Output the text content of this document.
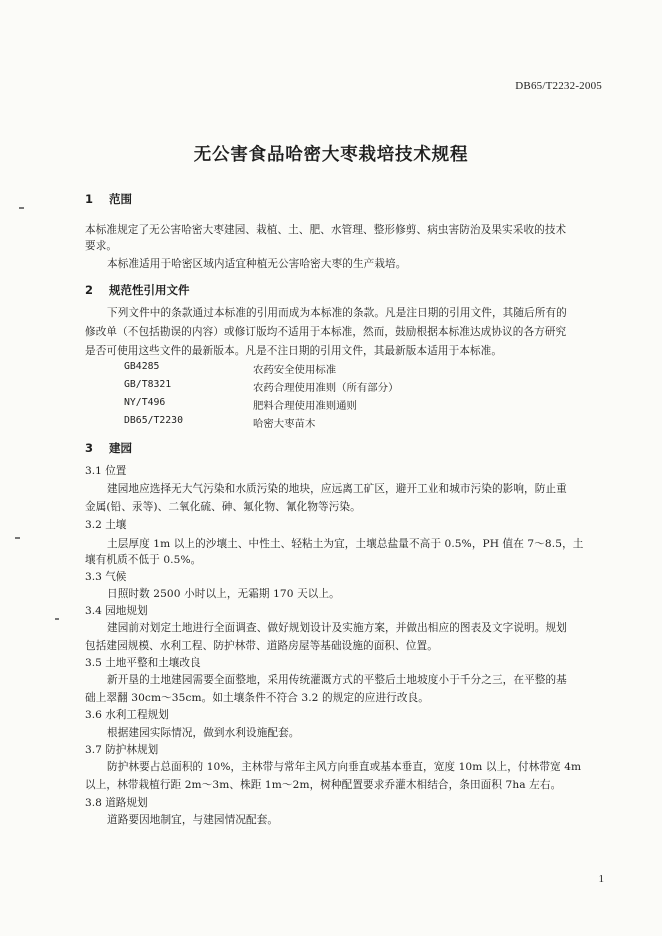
DB65/T2232-2005
无公害食品哈密大枣栽培技术规程
1 范围
本标准规定了无公害哈密大枣建园、栽植、土、肥、水管理、整形修剪、病虫害防治及果实采收的技术
要求。
本标准适用于哈密区域内适宜种植无公害哈密大枣的生产栽培。
2 规范性引用文件
下列文件中的条款通过本标准的引用而成为本标准的条款。凡是注日期的引用文件，其随后所有的
修改单（不包括勘误的内容）或修订版均不适用于本标准，然而，鼓励根据本标准达成协议的各方研究
是否可使用这些文件的最新版本。凡是不注日期的引用文件，其最新版本适用于本标准。
GB4285	农药安全使用标准
GB/T8321	农药合理使用准则（所有部分）
NY/T496	肥料合理使用准则通则
DB65/T2230	哈密大枣苗木
3 建园
3.1 位置
建园地应选择无大气污染和水质污染的地块，应远离工矿区，避开工业和城市污染的影响，防止重
金属(铅、汞等)、二氧化硫、砷、氟化物、氰化物等污染。
3.2 土壤
土层厚度 1m 以上的沙壤土、中性土、轻粘土为宜，土壤总盐量不高于 0.5%，PH 值在 7～8.5，土
壤有机质不低于 0.5%。
3.3 气候
日照时数 2500 小时以上，无霜期 170 天以上。
3.4 园地规划
建园前对划定土地进行全面调查、做好规划设计及实施方案，并做出相应的图表及文字说明。规划
包括建园规模、水利工程、防护林带、道路房屋等基础设施的面积、位置。
3.5 土地平整和土壤改良
新开垦的土地建园需要全面整地，采用传统灌溉方式的平整后土地坡度小于千分之三，在平整的基
础上翠翻 30cm～35cm。如土壤条件不符合 3.2 的规定的应进行改良。
3.6 水利工程规划
根据建园实际情况，做到水利设施配套。
3.7 防护林规划
防护林要占总面积的 10%，主林带与常年主风方向垂直或基本垂直，宽度 10m 以上，付林带宽 4m
以上，林带栽植行距 2m～3m、株距 1m～2m，树种配置要求乔灌木相结合，条田面积 7ha 左右。
3.8 道路规划
道路要因地制宜，与建园情况配套。
1
